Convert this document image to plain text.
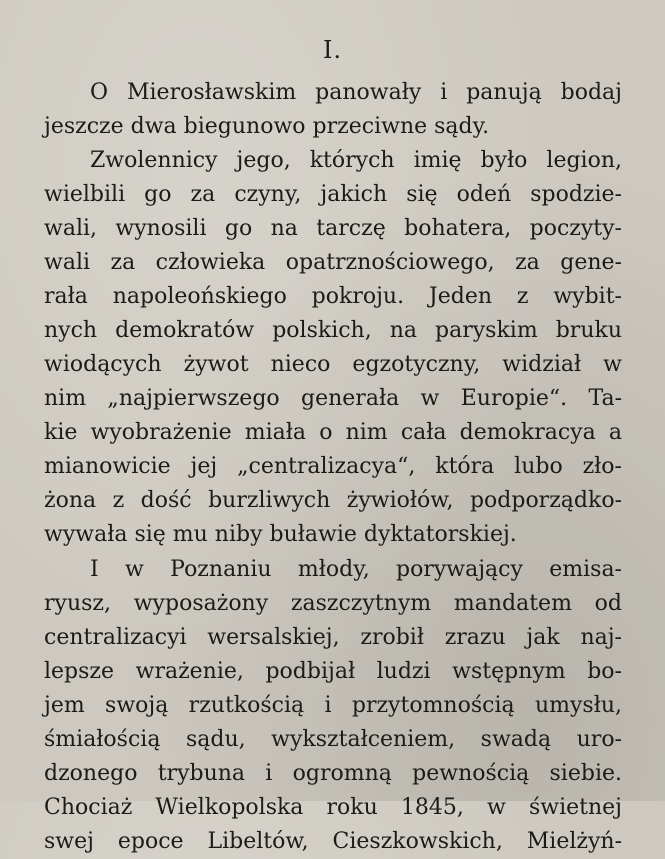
I.
O Mierosławskim panowały i panują bodaj
jeszcze dwa biegunowo przeciwne sądy.
Zwolennicy jego, których imię było legion,
wielbili go za czyny, jakich się odeń spodzie-
wali, wynosili go na tarczę bohatera, poczyty-
wali za człowieka opatrznościowego, za gene-
rała napoleońskiego pokroju. Jeden z wybit-
nych demokratów polskich, na paryskim bruku
wiodących żywot nieco egzotyczny, widział w
nim „najpierwszego generała w Europie“. Ta-
kie wyobrażenie miała o nim cała demokracya a
mianowicie jej „centralizacya“, która lubo zło-
żona z dość burzliwych żywiołów, podporządko-
wywała się mu niby buławie dyktatorskiej.
I w Poznaniu młody, porywający emisa-
ryusz, wyposażony zaszczytnym mandatem od
centralizacyi wersalskiej, zrobił zrazu jak naj-
lepsze wrażenie, podbijał ludzi wstępnym bo-
jem swoją rzutkością i przytomnością umysłu,
śmiałością sądu, wykształceniem, swadą uro-
dzonego trybuna i ogromną pewnością siebie.
Chociaż Wielkopolska roku 1845, w świetnej
swej epoce Libeltów, Cieszkowskich, Mielżyń-
